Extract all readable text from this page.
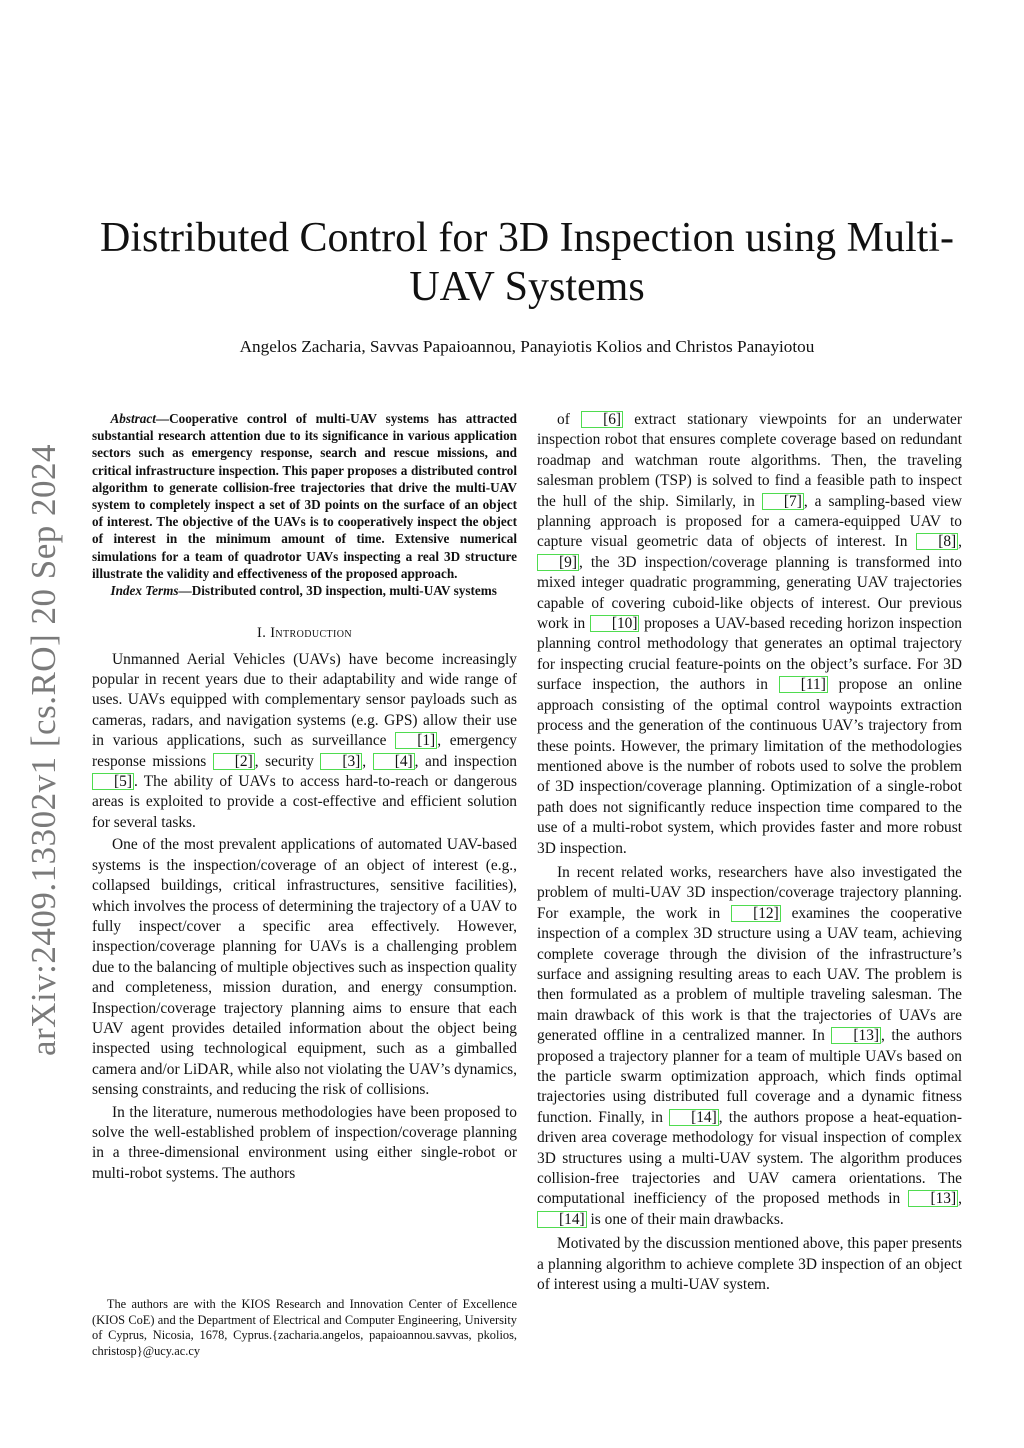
arXiv:2409.13302v1 [cs.RO] 20 Sep 2024
Distributed Control for 3D Inspection using Multi-UAV Systems
Angelos Zacharia, Savvas Papaioannou, Panayiotis Kolios and Christos Panayiotou

Abstract—Cooperative control of multi-UAV systems has attracted substantial research attention due to its significance in various application sectors such as emergency response, search and rescue missions, and critical infrastructure inspection. This paper proposes a distributed control algorithm to generate collision-free trajectories that drive the multi-UAV system to completely inspect a set of 3D points on the surface of an object of interest. The objective of the UAVs is to cooperatively inspect the object of interest in the minimum amount of time. Extensive numerical simulations for a team of quadrotor UAVs inspecting a real 3D structure illustrate the validity and effectiveness of the proposed approach.

Index Terms—Distributed control, 3D inspection, multi-UAV systems

I. Introduction

Unmanned Aerial Vehicles (UAVs) have become increasingly popular in recent years due to their adaptability and wide range of uses. UAVs equipped with complementary sensor payloads such as cameras, radars, and navigation systems (e.g. GPS) allow their use in various applications, such as surveillance [1] , emergency response missions [2] , security [3] , [4] , and inspection [5] . The ability of UAVs to access hard-to-reach or dangerous areas is exploited to provide a cost-effective and efficient solution for several tasks.

One of the most prevalent applications of automated UAV-based systems is the inspection/coverage of an object of interest (e.g., collapsed buildings, critical infrastructures, sensitive facilities), which involves the process of determining the trajectory of a UAV to fully inspect/cover a specific area effectively. However, inspection/coverage planning for UAVs is a challenging problem due to the balancing of multiple objectives such as inspection quality and completeness, mission duration, and energy consumption. Inspection/coverage trajectory planning aims to ensure that each UAV agent provides detailed information about the object being inspected using technological equipment, such as a gimballed camera and/or LiDAR, while also not violating the UAV’s dynamics, sensing constraints, and reducing the risk of collisions.

In the literature, numerous methodologies have been proposed to solve the well-established problem of inspection/coverage planning in a three-dimensional environment using either single-robot or multi-robot systems. The authors

of [6] extract stationary viewpoints for an underwater inspection robot that ensures complete coverage based on redundant roadmap and watchman route algorithms. Then, the traveling salesman problem (TSP) is solved to find a feasible path to inspect the hull of the ship. Similarly, in [7] , a sampling-based view planning approach is proposed for a camera-equipped UAV to capture visual geometric data of objects of interest. In [8] , [9] , the 3D inspection/coverage planning is transformed into mixed integer quadratic programming, generating UAV trajectories capable of covering cuboid-like objects of interest. Our previous work in [10] proposes a UAV-based receding horizon inspection planning control methodology that generates an optimal trajectory for inspecting crucial feature-points on the object’s surface. For 3D surface inspection, the authors in [11] propose an online approach consisting of the optimal control waypoints extraction process and the generation of the continuous UAV’s trajectory from these points. However, the primary limitation of the methodologies mentioned above is the number of robots used to solve the problem of 3D inspection/coverage planning. Optimization of a single-robot path does not significantly reduce inspection time compared to the use of a multi-robot system, which provides faster and more robust 3D inspection.

In recent related works, researchers have also investigated the problem of multi-UAV 3D inspection/coverage trajectory planning. For example, the work in [12] examines the cooperative inspection of a complex 3D structure using a UAV team, achieving complete coverage through the division of the infrastructure’s surface and assigning resulting areas to each UAV. The problem is then formulated as a problem of multiple traveling salesman. The main drawback of this work is that the trajectories of UAVs are generated offline in a centralized manner. In [13] , the authors proposed a trajectory planner for a team of multiple UAVs based on the particle swarm optimization approach, which finds optimal trajectories using distributed full coverage and a dynamic fitness function. Finally, in [14] , the authors propose a heat-equation-driven area coverage methodology for visual inspection of complex 3D structures using a multi-UAV system. The algorithm produces collision-free trajectories and UAV camera orientations. The computational inefficiency of the proposed methods in [13] , [14] is one of their main drawbacks.

Motivated by the discussion mentioned above, this paper presents a planning algorithm to achieve complete 3D inspection of an object of interest using a multi-UAV system.

The authors are with the KIOS Research and Innovation Center of Excellence (KIOS CoE) and the Department of Electrical and Computer Engineering, University of Cyprus, Nicosia, 1678, Cyprus.{zacharia.angelos, papaioannou.savvas, pkolios, christosp}@ucy.ac.cy
